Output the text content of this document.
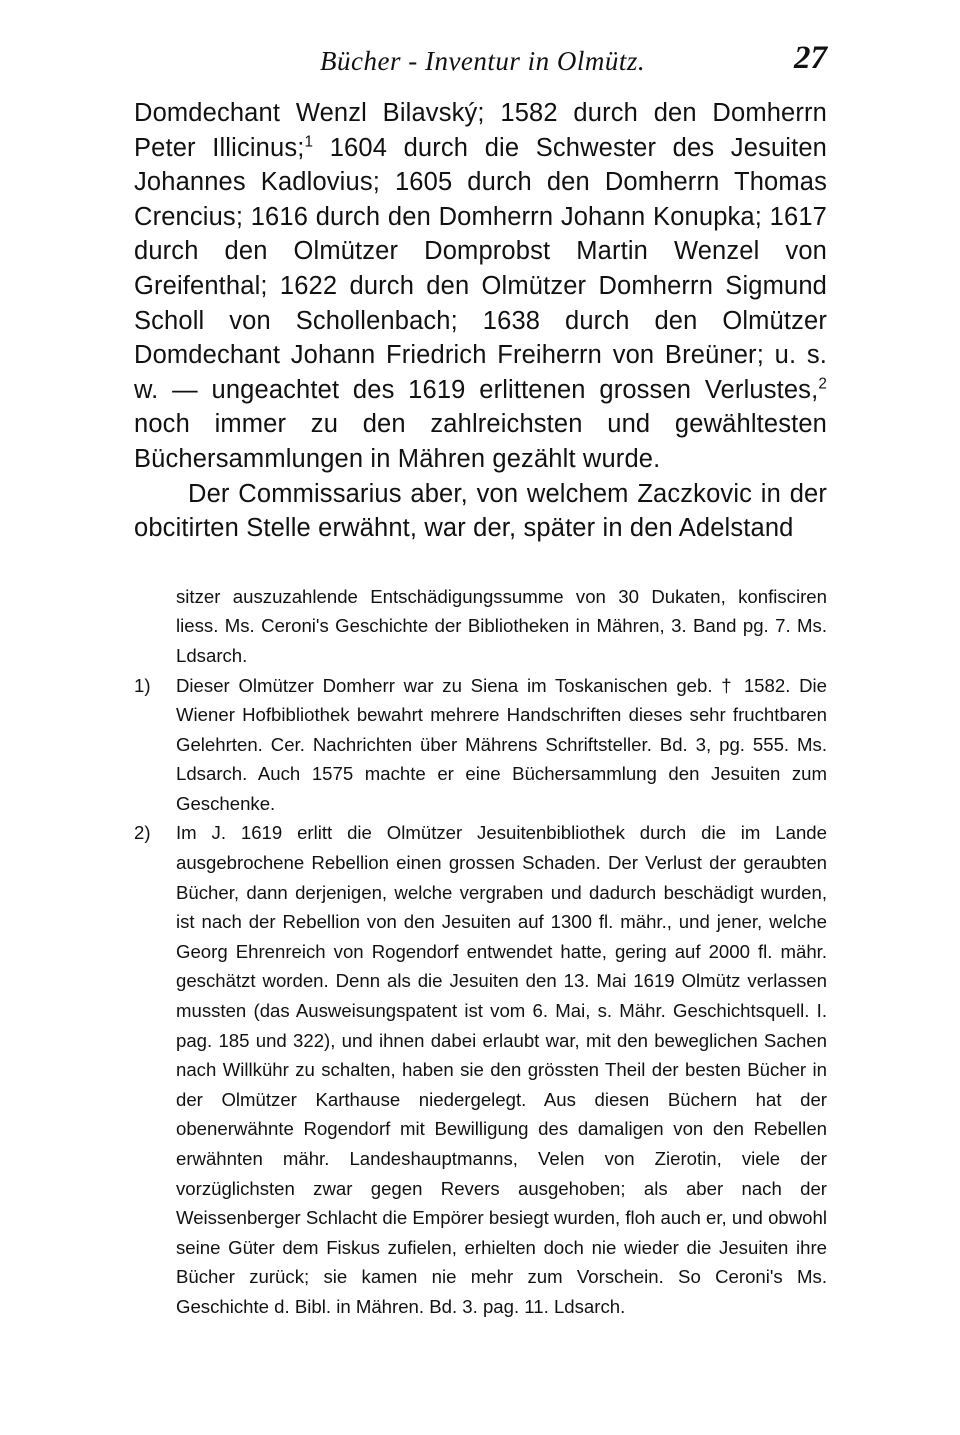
Bücher - Inventur in Olmütz.	27

Domdechant Wenzl Bilavský; 1582 durch den Domherrn Peter Illicinus;$^1$ 1604 durch die Schwester des Jesuiten Johannes Kadlovius; 1605 durch den Domherrn Thomas Crencius; 1616 durch den Domherrn Johann Konupka; 1617 durch den Olmützer Domprobst Martin Wenzel von Greifenthal; 1622 durch den Olmützer Domherrn Sigmund Scholl von Schollenbach; 1638 durch den Olmützer Domdechant Johann Friedrich Freiherrn von Breüner; u. s. w. — ungeachtet des 1619 erlittenen grossen Verlustes,$^2$ noch immer zu den zahlreichsten und gewähltesten Büchersammlungen in Mähren gezählt wurde.

Der Commissarius aber, von welchem Zaczkovic in der obcitirten Stelle erwähnt, war der, später in den Adelstand

sitzer auszuzahlende Entschädigungssumme von 30 Dukaten, konfisciren liess. Ms. Ceroni's Geschichte der Bibliotheken in Mähren, 3. Band pg. 7. Ms. Ldsarch.

1) Dieser Olmützer Domherr war zu Siena im Toskanischen geb. † 1582. Die Wiener Hofbibliothek bewahrt mehrere Handschriften dieses sehr fruchtbaren Gelehrten. Cer. Nachrichten über Mährens Schriftsteller. Bd. 3, pg. 555. Ms. Ldsarch. Auch 1575 machte er eine Büchersammlung den Jesuiten zum Geschenke.

2) Im J. 1619 erlitt die Olmützer Jesuitenbibliothek durch die im Lande ausgebrochene Rebellion einen grossen Schaden. Der Verlust der geraubten Bücher, dann derjenigen, welche vergraben und dadurch beschädigt wurden, ist nach der Rebellion von den Jesuiten auf 1300 fl. mähr., und jener, welche Georg Ehrenreich von Rogendorf entwendet hatte, gering auf 2000 fl. mähr. geschätzt worden. Denn als die Jesuiten den 13. Mai 1619 Olmütz verlassen mussten (das Ausweisungspatent ist vom 6. Mai, s. Mähr. Geschichtsquell. I. pag. 185 und 322), und ihnen dabei erlaubt war, mit den beweglichen Sachen nach Willkühr zu schalten, haben sie den grössten Theil der besten Bücher in der Olmützer Karthause niedergelegt. Aus diesen Büchern hat der obenerwähnte Rogendorf mit Bewilligung des damaligen von den Rebellen erwähnten mähr. Landeshauptmanns, Velen von Zierotin, viele der vorzüglichsten zwar gegen Revers ausgehoben; als aber nach der Weissenberger Schlacht die Empörer besiegt wurden, floh auch er, und obwohl seine Güter dem Fiskus zufielen, erhielten doch nie wieder die Jesuiten ihre Bücher zurück; sie kamen nie mehr zum Vorschein. So Ceroni's Ms. Geschichte d. Bibl. in Mähren. Bd. 3. pag. 11. Ldsarch.
